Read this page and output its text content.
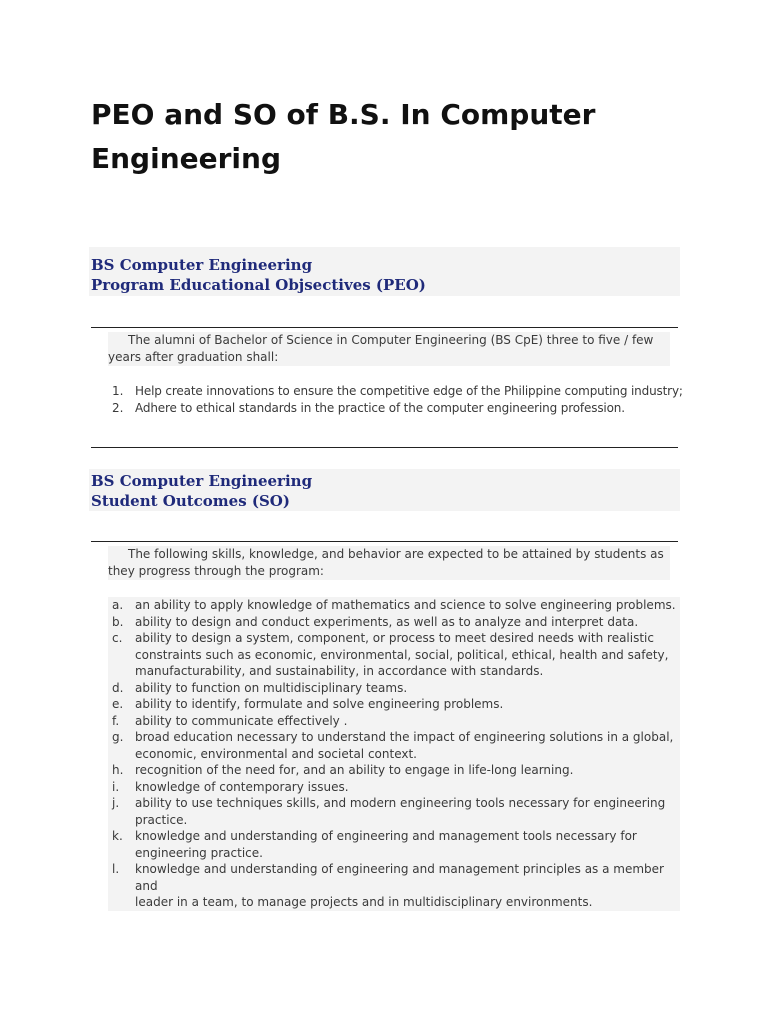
PEO and SO of B.S. In Computer Engineering
BS Computer Engineering
Program Educational Objsectives (PEO)
The alumni of Bachelor of Science in Computer Engineering (BS CpE) three to five / few years after graduation shall:
1. Help create innovations to ensure the competitive edge of the Philippine computing industry;
2. Adhere to ethical standards in the practice of the computer engineering profession.
BS Computer Engineering
Student Outcomes (SO)
The following skills, knowledge, and behavior are expected to be attained by students as they progress through the program:
a. an ability to apply knowledge of mathematics and science to solve engineering problems.
b. ability to design and conduct experiments, as well as to analyze and interpret data.
c.	ability to design a system, component, or process to meet desired needs with realistic
constraints such as economic, environmental, social, political, ethical, health and safety,
manufacturability, and sustainability, in accordance with standards.
d. ability to function on multidisciplinary teams.
e. ability to identify, formulate and solve engineering problems.
f.	ability to communicate effectively .
g. broad education necessary to understand the impact of engineering solutions in a global,
economic, environmental and societal context.
h. recognition of the need for, and an ability to engage in life-long learning.
i.	knowledge of contemporary issues.
j.	ability to use techniques skills, and modern engineering tools necessary for engineering
practice.
k.	knowledge and understanding of engineering and management tools necessary for
engineering practice.
l.	knowledge and understanding of engineering and management principles as a member and
leader in a team, to manage projects and in multidisciplinary environments.
